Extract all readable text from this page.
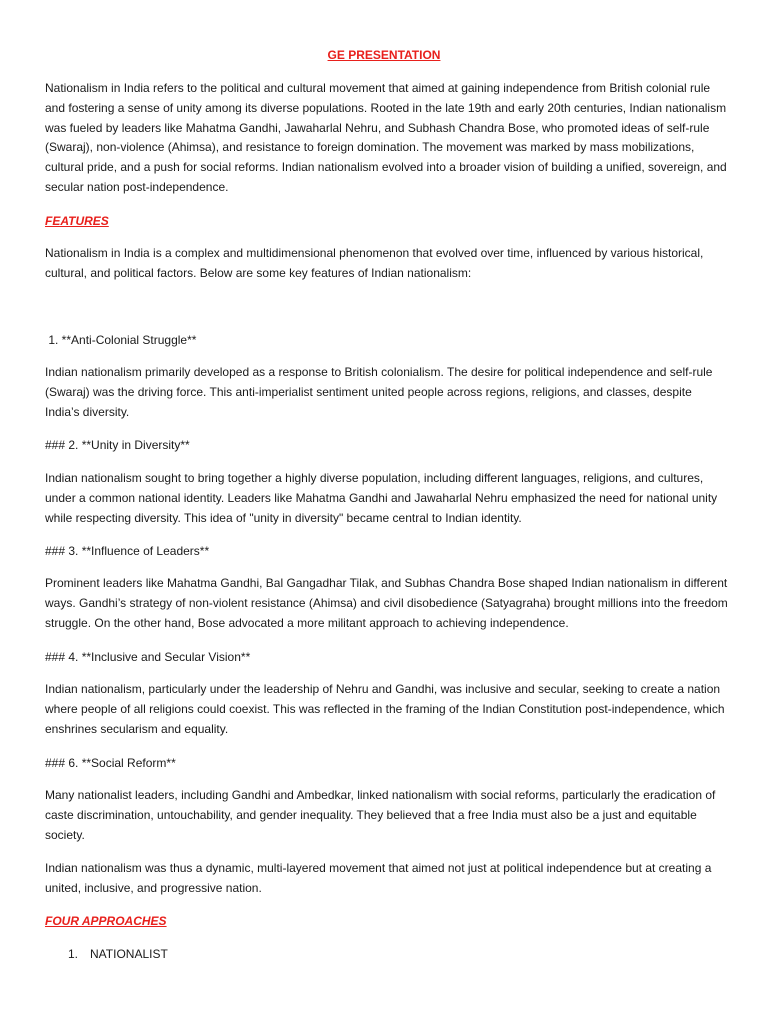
GE PRESENTATION

Nationalism in India refers to the political and cultural movement that aimed at gaining independence from British colonial rule and fostering a sense of unity among its diverse populations. Rooted in the late 19th and early 20th centuries, Indian nationalism was fueled by leaders like Mahatma Gandhi, Jawaharlal Nehru, and Subhash Chandra Bose, who promoted ideas of self-rule (Swaraj), non-violence (Ahimsa), and resistance to foreign domination. The movement was marked by mass mobilizations, cultural pride, and a push for social reforms. Indian nationalism evolved into a broader vision of building a unified, sovereign, and secular nation post-independence.

FEATURES

Nationalism in India is a complex and multidimensional phenomenon that evolved over time, influenced by various historical, cultural, and political factors. Below are some key features of Indian nationalism:

1. **Anti-Colonial Struggle**

Indian nationalism primarily developed as a response to British colonialism. The desire for political independence and self-rule (Swaraj) was the driving force. This anti-imperialist sentiment united people across regions, religions, and classes, despite India’s diversity.

### 2. **Unity in Diversity**

Indian nationalism sought to bring together a highly diverse population, including different languages, religions, and cultures, under a common national identity. Leaders like Mahatma Gandhi and Jawaharlal Nehru emphasized the need for national unity while respecting diversity. This idea of "unity in diversity" became central to Indian identity.

### 3. **Influence of Leaders**

Prominent leaders like Mahatma Gandhi, Bal Gangadhar Tilak, and Subhas Chandra Bose shaped Indian nationalism in different ways. Gandhi’s strategy of non-violent resistance (Ahimsa) and civil disobedience (Satyagraha) brought millions into the freedom struggle. On the other hand, Bose advocated a more militant approach to achieving independence.

### 4. **Inclusive and Secular Vision**

Indian nationalism, particularly under the leadership of Nehru and Gandhi, was inclusive and secular, seeking to create a nation where people of all religions could coexist. This was reflected in the framing of the Indian Constitution post-independence, which enshrines secularism and equality.

### 6. **Social Reform**

Many nationalist leaders, including Gandhi and Ambedkar, linked nationalism with social reforms, particularly the eradication of caste discrimination, untouchability, and gender inequality. They believed that a free India must also be a just and equitable society.

Indian nationalism was thus a dynamic, multi-layered movement that aimed not just at political independence but at creating a united, inclusive, and progressive nation.

FOUR APPROACHES

1. NATIONALIST
